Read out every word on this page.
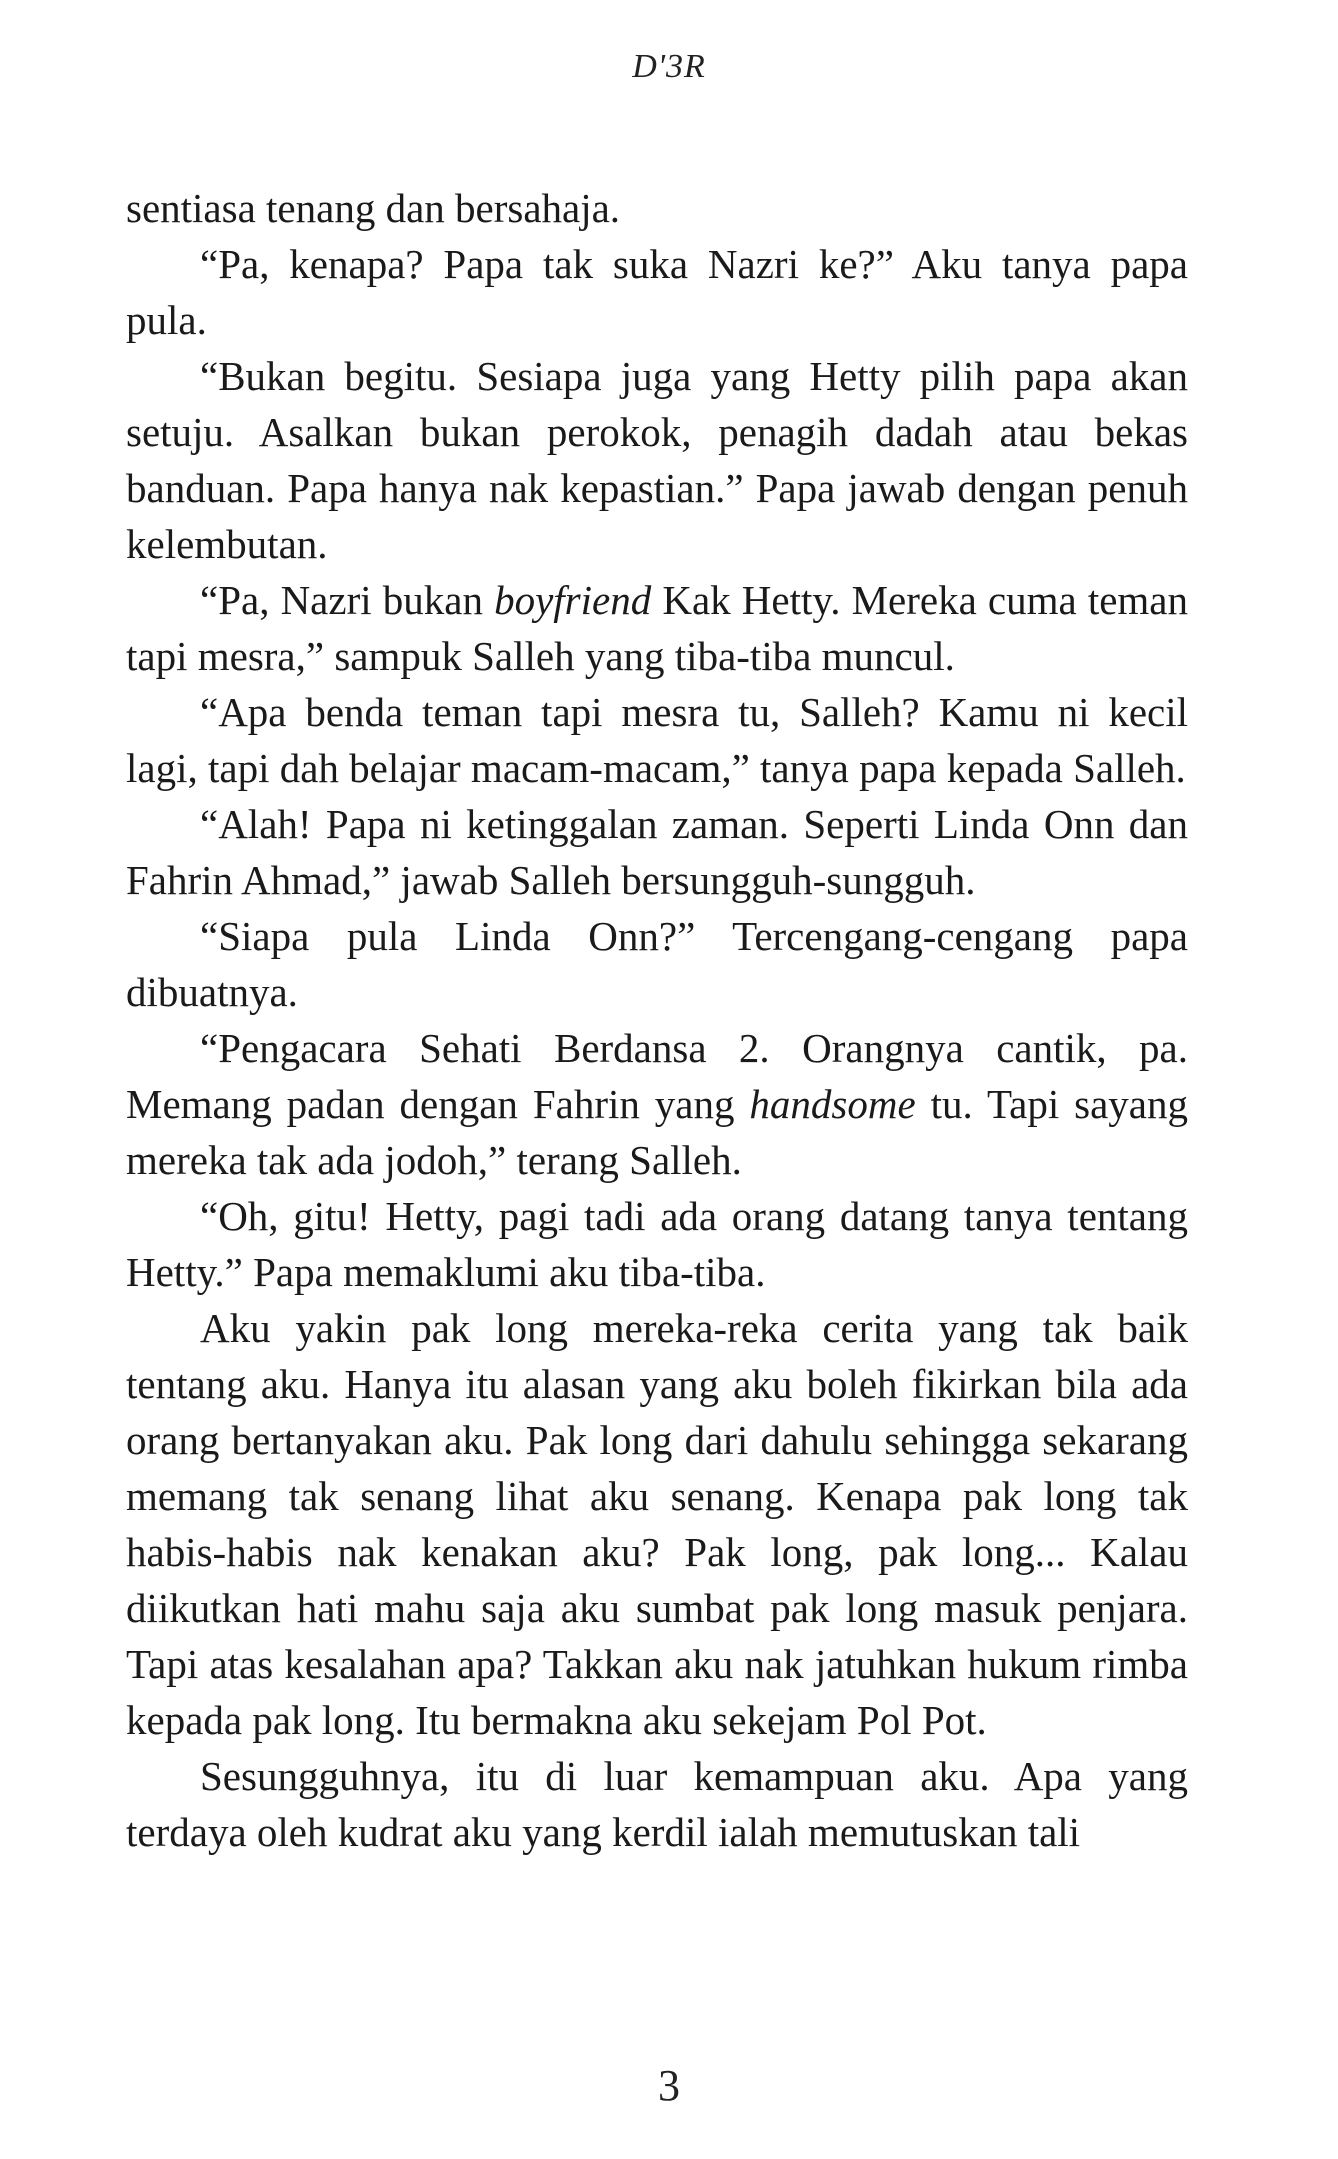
D'3R

sentiasa tenang dan bersahaja.

“Pa, kenapa? Papa tak suka Nazri ke?” Aku tanya papa pula.

“Bukan begitu. Sesiapa juga yang Hetty pilih papa akan setuju. Asalkan bukan perokok, penagih dadah atau bekas banduan. Papa hanya nak kepastian.” Papa jawab dengan penuh kelembutan.

“Pa, Nazri bukan boyfriend Kak Hetty. Mereka cuma teman tapi mesra,” sampuk Salleh yang tiba-tiba muncul.

“Apa benda teman tapi mesra tu, Salleh? Kamu ni kecil lagi, tapi dah belajar macam-macam,” tanya papa kepada Salleh.

“Alah! Papa ni ketinggalan zaman. Seperti Linda Onn dan Fahrin Ahmad,” jawab Salleh bersungguh-sungguh.

“Siapa pula Linda Onn?” Tercengang-cengang papa dibuatnya.

“Pengacara Sehati Berdansa 2. Orangnya cantik, pa. Memang padan dengan Fahrin yang handsome tu. Tapi sayang mereka tak ada jodoh,” terang Salleh.

“Oh, gitu! Hetty, pagi tadi ada orang datang tanya tentang Hetty.” Papa memaklumi aku tiba-tiba.

Aku yakin pak long mereka-reka cerita yang tak baik tentang aku. Hanya itu alasan yang aku boleh fikirkan bila ada orang bertanyakan aku. Pak long dari dahulu sehingga sekarang memang tak senang lihat aku senang. Kenapa pak long tak habis-habis nak kenakan aku? Pak long, pak long... Kalau diikutkan hati mahu saja aku sumbat pak long masuk penjara. Tapi atas kesalahan apa? Takkan aku nak jatuhkan hukum rimba kepada pak long. Itu bermakna aku sekejam Pol Pot.

Sesungguhnya, itu di luar kemampuan aku. Apa yang terdaya oleh kudrat aku yang kerdil ialah memutuskan tali

3
